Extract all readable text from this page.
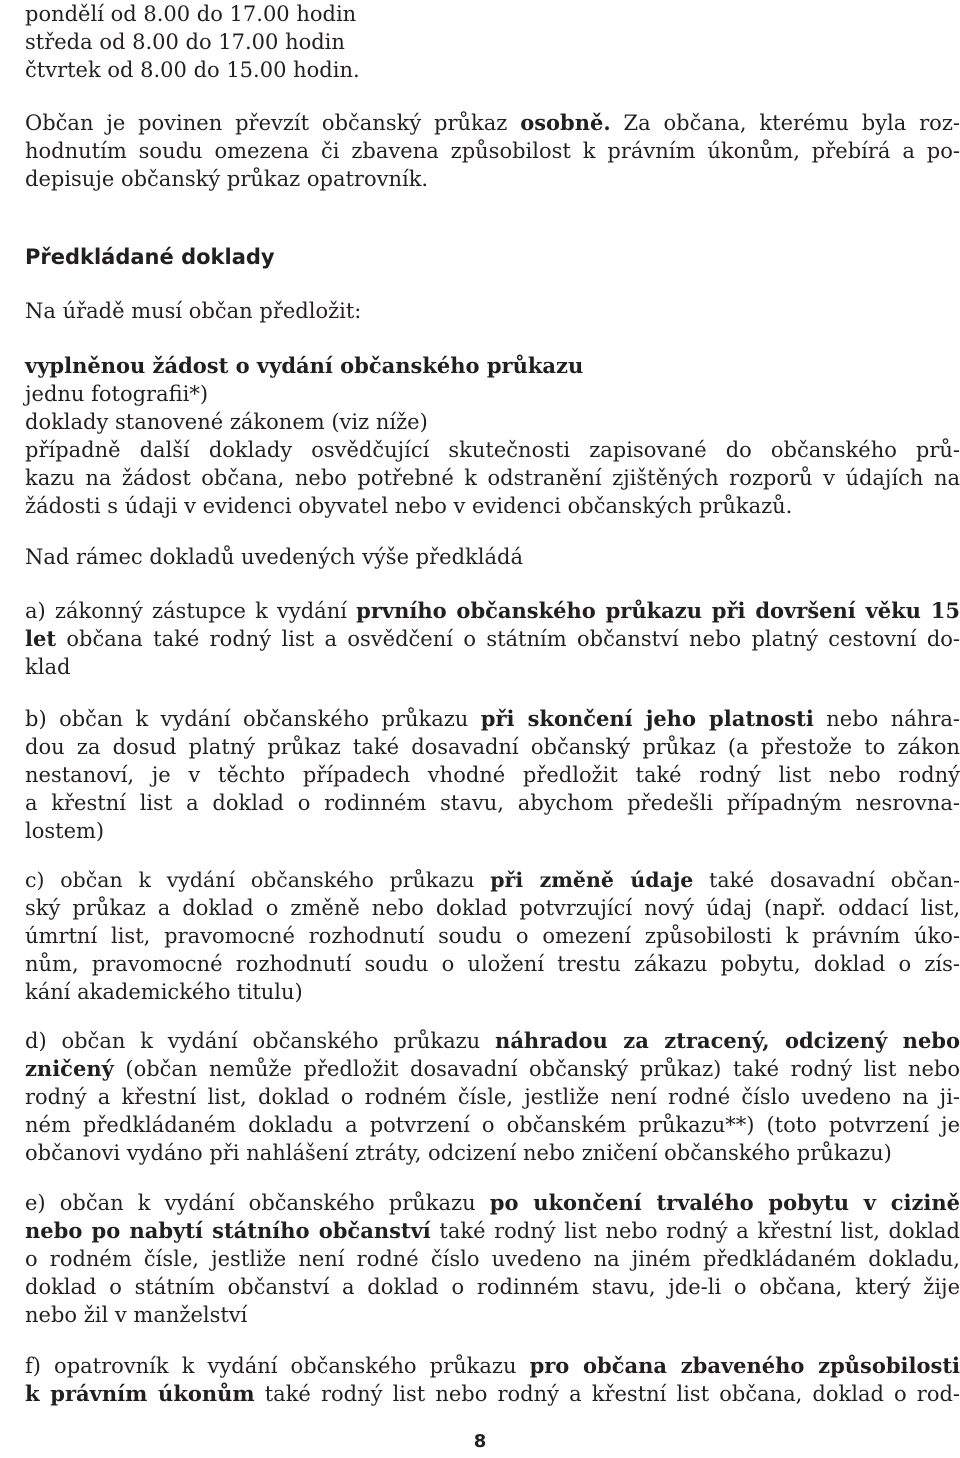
pondělí od 8.00 do 17.00 hodin
středa od 8.00 do 17.00 hodin
čtvrtek od 8.00 do 15.00 hodin.
Občan je povinen převzít občanský průkaz osobně. Za občana, kterému byla roz-
hodnutím soudu omezena či zbavena způsobilost k právním úkonům, přebírá a po-
depisuje občanský průkaz opatrovník.
Předkládané doklady
Na úřadě musí občan předložit:
vyplněnou žádost o vydání občanského průkazu
jednu fotografii*)
doklady stanovené zákonem (viz níže)
případně další doklady osvědčující skutečnosti zapisované do občanského prů-
kazu na žádost občana, nebo potřebné k odstranění zjištěných rozporů v údajích na
žádosti s údaji v evidenci obyvatel nebo v evidenci občanských průkazů.
Nad rámec dokladů uvedených výše předkládá
a) zákonný zástupce k vydání prvního občanského průkazu při dovršení věku 15
let občana také rodný list a osvědčení o státním občanství nebo platný cestovní do-
klad
b) občan k vydání občanského průkazu při skončení jeho platnosti nebo náhra-
dou za dosud platný průkaz také dosavadní občanský průkaz (a přestože to zákon
nestanoví, je v těchto případech vhodné předložit také rodný list nebo rodný
a křestní list a doklad o rodinném stavu, abychom předešli případným nesrovna-
lostem)
c) občan k vydání občanského průkazu při změně údaje také dosavadní občan-
ský průkaz a doklad o změně nebo doklad potvrzující nový údaj (např. oddací list,
úmrtní list, pravomocné rozhodnutí soudu o omezení způsobilosti k právním úko-
nům, pravomocné rozhodnutí soudu o uložení trestu zákazu pobytu, doklad o zís-
kání akademického titulu)
d) občan k vydání občanského průkazu náhradou za ztracený, odcizený nebo
zničený (občan nemůže předložit dosavadní občanský průkaz) také rodný list nebo
rodný a křestní list, doklad o rodném čísle, jestliže není rodné číslo uvedeno na ji-
ném předkládaném dokladu a potvrzení o občanském průkazu**) (toto potvrzení je
občanovi vydáno při nahlášení ztráty, odcizení nebo zničení občanského průkazu)
e) občan k vydání občanského průkazu po ukončení trvalého pobytu v cizině
nebo po nabytí státního občanství také rodný list nebo rodný a křestní list, doklad
o rodném čísle, jestliže není rodné číslo uvedeno na jiném předkládaném dokladu,
doklad o státním občanství a doklad o rodinném stavu, jde-li o občana, který žije
nebo žil v manželství
f) opatrovník k vydání občanského průkazu pro občana zbaveného způsobilosti
k právním úkonům také rodný list nebo rodný a křestní list občana, doklad o rod-
8
